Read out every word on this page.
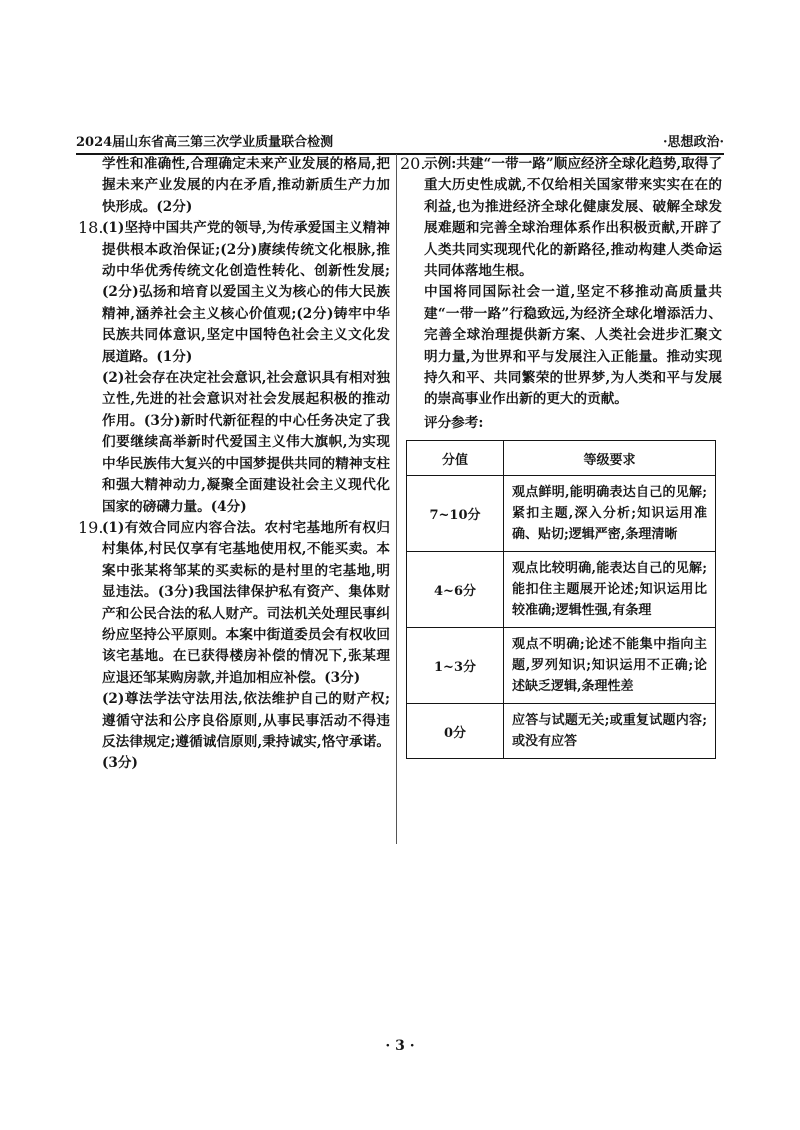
2024届山东省高三第三次学业质量联合检测	·思想政治·

学性和准确性,合理确定未来产业发展的格局,把握未来产业发展的内在矛盾,推动新质生产力加快形成。(2分)

18.

(1)坚持中国共产党的领导,为传承爱国主义精神提供根本政治保证;(2分)赓续传统文化根脉,推动中华优秀传统文化创造性转化、创新性发展;(2分)弘扬和培育以爱国主义为核心的伟大民族精神,涵养社会主义核心价值观;(2分)铸牢中华民族共同体意识,坚定中国特色社会主义文化发展道路。(1分)

(2)社会存在决定社会意识,社会意识具有相对独立性,先进的社会意识对社会发展起积极的推动作用。(3分)新时代新征程的中心任务决定了我们要继续高举新时代爱国主义伟大旗帜,为实现中华民族伟大复兴的中国梦提供共同的精神支柱和强大精神动力,凝聚全面建设社会主义现代化国家的磅礴力量。(4分)

19.

(1)有效合同应内容合法。农村宅基地所有权归村集体,村民仅享有宅基地使用权,不能买卖。本案中张某将邹某的买卖标的是村里的宅基地,明显违法。(3分)我国法律保护私有资产、集体财产和公民合法的私人财产。司法机关处理民事纠纷应坚持公平原则。本案中街道委员会有权收回该宅基地。在已获得楼房补偿的情况下,张某理应退还邹某购房款,并追加相应补偿。(3分)

(2)尊法学法守法用法,依法维护自己的财产权;遵循守法和公序良俗原则,从事民事活动不得违反法律规定;遵循诚信原则,秉持诚实,恪守承诺。(3分)

20.

示例:共建“一带一路”顺应经济全球化趋势,取得了重大历史性成就,不仅给相关国家带来实实在在的利益,也为推进经济全球化健康发展、破解全球发展难题和完善全球治理体系作出积极贡献,开辟了人类共同实现现代化的新路径,推动构建人类命运共同体落地生根。

中国将同国际社会一道,坚定不移推动高质量共建“一带一路”行稳致远,为经济全球化增添活力、完善全球治理提供新方案、人类社会进步汇聚文明力量,为世界和平与发展注入正能量。推动实现持久和平、共同繁荣的世界梦,为人类和平与发展的崇高事业作出新的更大的贡献。

评分参考:

分值	等级要求
7~10分	观点鲜明,能明确表达自己的见解;紧扣主题,深入分析;知识运用准确、贴切;逻辑严密,条理清晰
4~6分	观点比较明确,能表达自己的见解;能扣住主题展开论述;知识运用比较准确;逻辑性强,有条理
1~3分	观点不明确;论述不能集中指向主题,罗列知识;知识运用不正确;论述缺乏逻辑,条理性差
0分	应答与试题无关;或重复试题内容;或没有应答
· 3 ·
